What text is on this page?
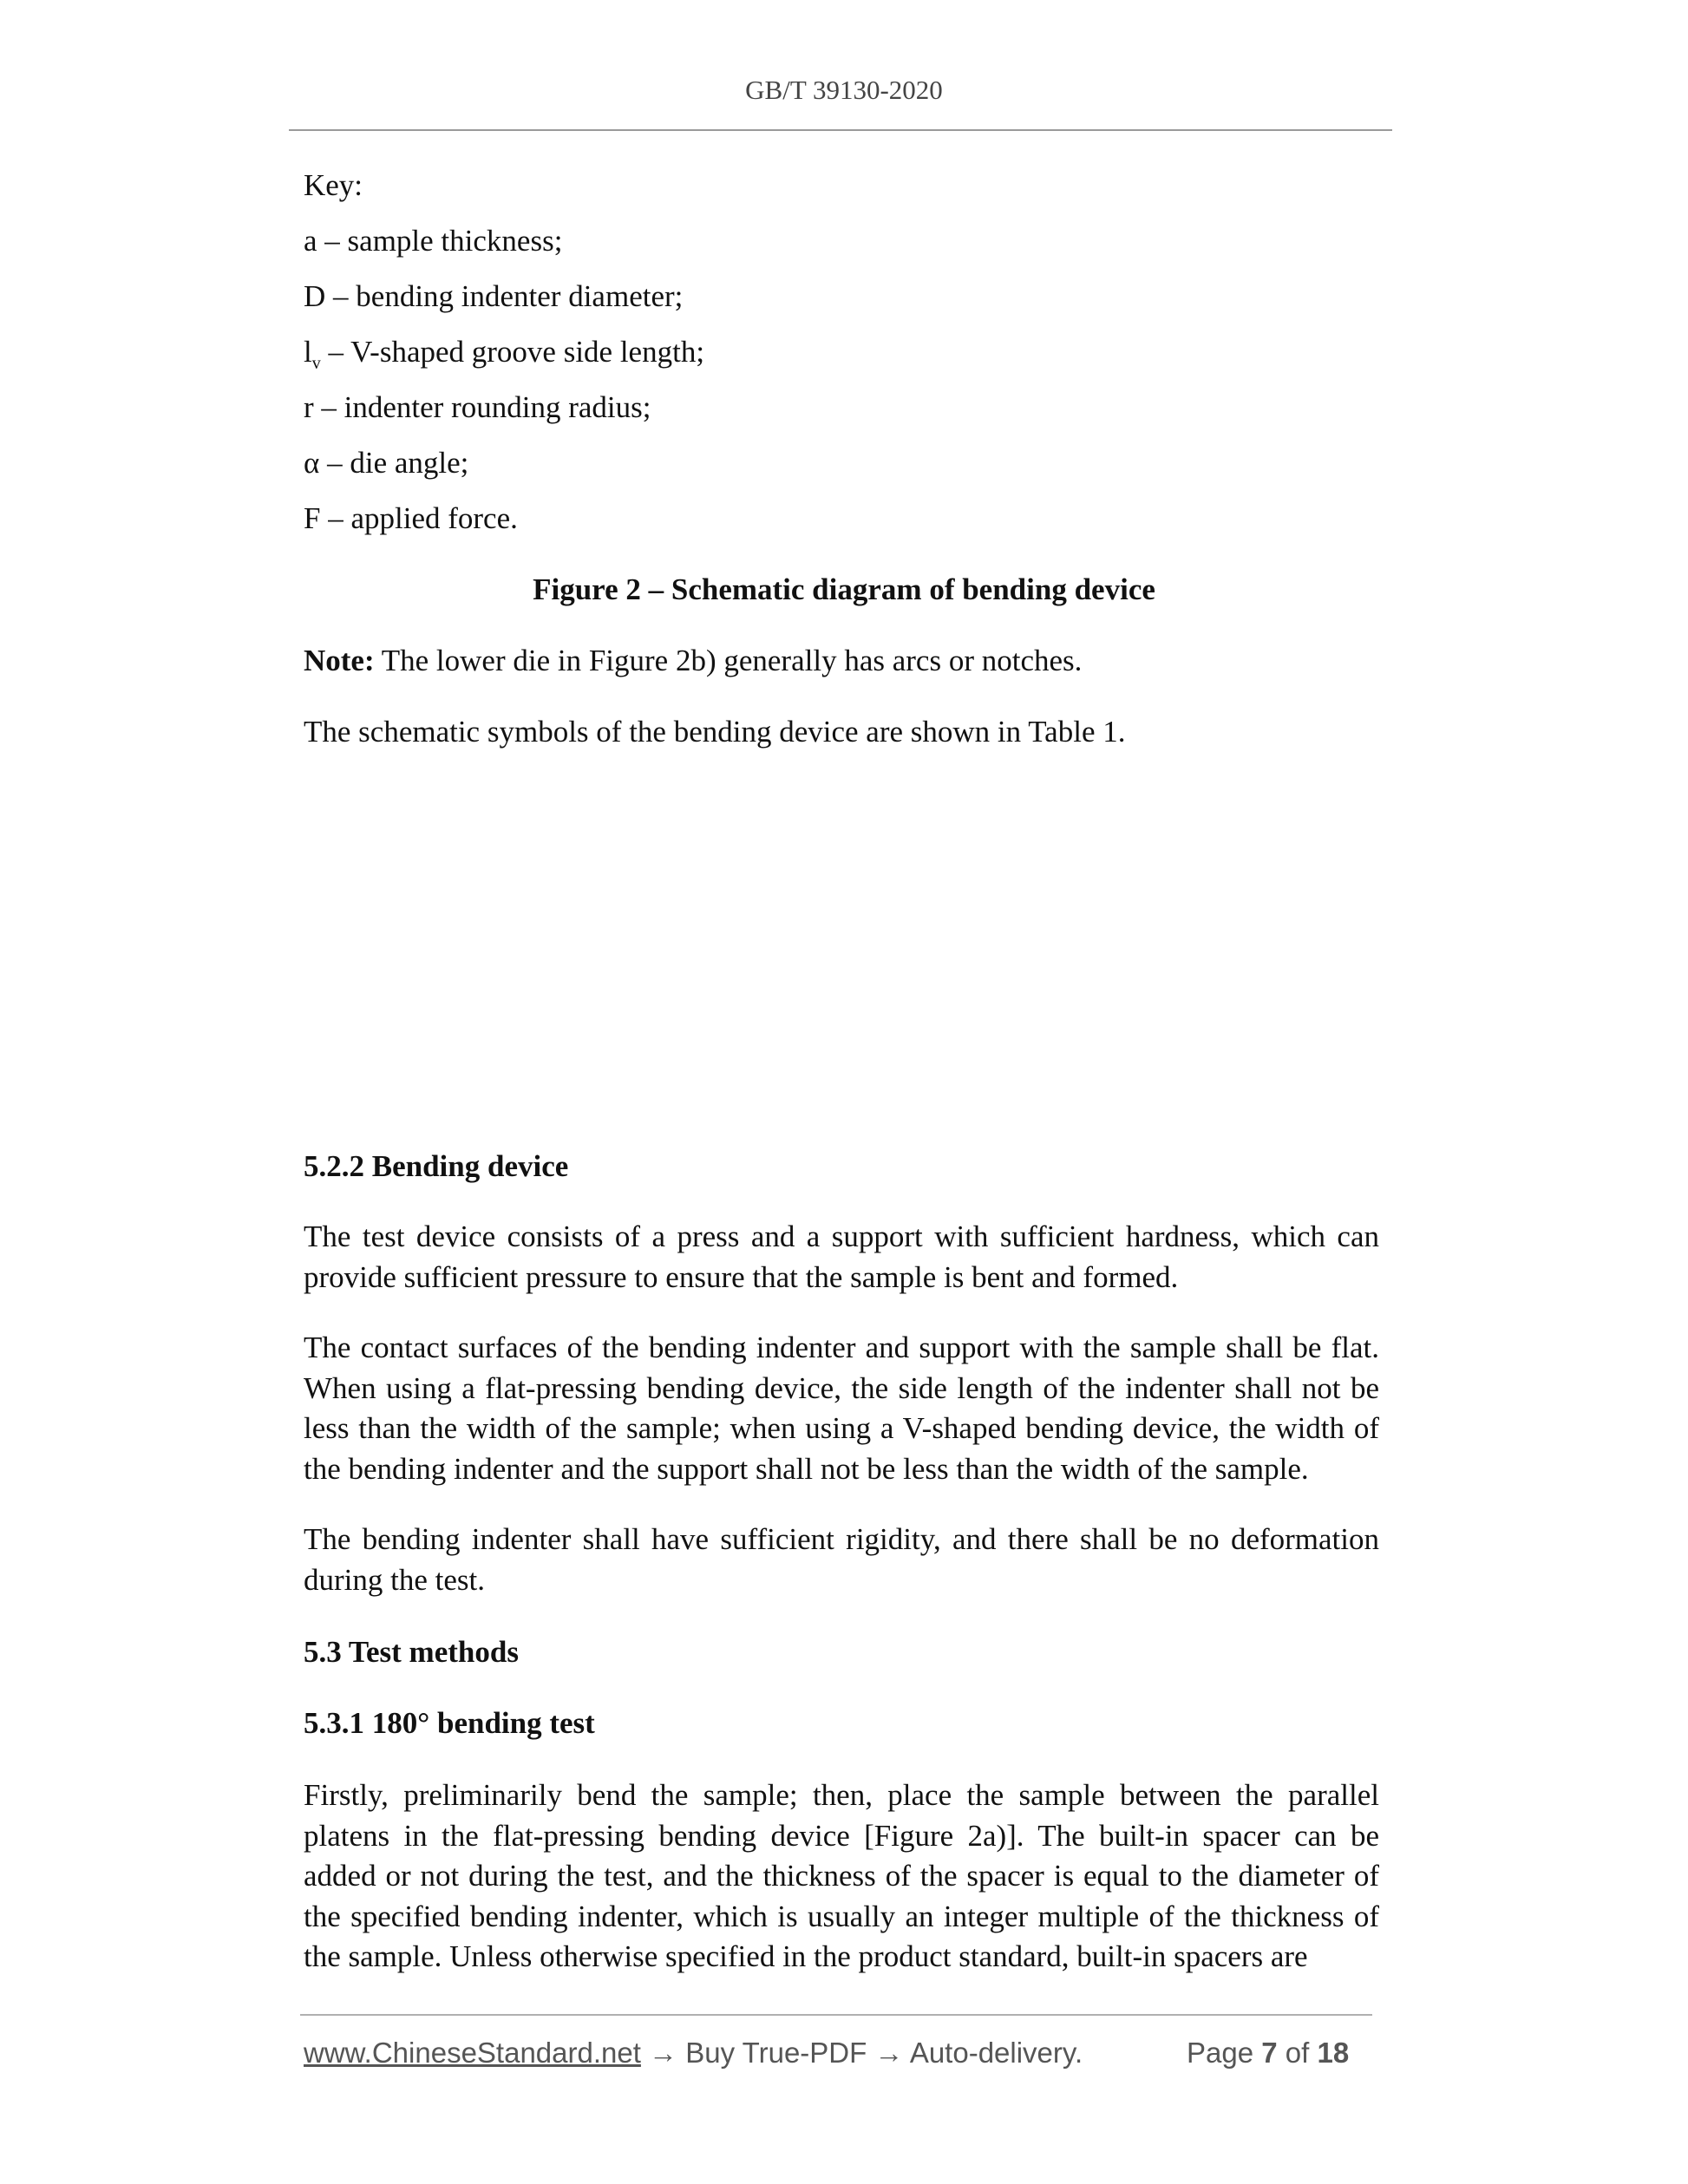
GB/T 39130-2020
Key:
a – sample thickness;
D – bending indenter diameter;
$l_v$ – V-shaped groove side length;
r – indenter rounding radius;
α – die angle;
F – applied force.
Figure 2 – Schematic diagram of bending device
Note: The lower die in Figure 2b) generally has arcs or notches.
The schematic symbols of the bending device are shown in Table 1.
5.2.2 Bending device
The test device consists of a press and a support with sufficient hardness, which can provide sufficient pressure to ensure that the sample is bent and formed.
The contact surfaces of the bending indenter and support with the sample shall be flat. When using a flat-pressing bending device, the side length of the indenter shall not be less than the width of the sample; when using a V-shaped bending device, the width of the bending indenter and the support shall not be less than the width of the sample.
The bending indenter shall have sufficient rigidity, and there shall be no deformation during the test.
5.3 Test methods
5.3.1 180° bending test
Firstly, preliminarily bend the sample; then, place the sample between the parallel platens in the flat-pressing bending device [Figure 2a)]. The built-in spacer can be added or not during the test, and the thickness of the spacer is equal to the diameter of the specified bending indenter, which is usually an integer multiple of the thickness of the sample. Unless otherwise specified in the product standard, built-in spacers are
www.ChineseStandard.net → Buy True-PDF → Auto-delivery.	Page 7 of 18
